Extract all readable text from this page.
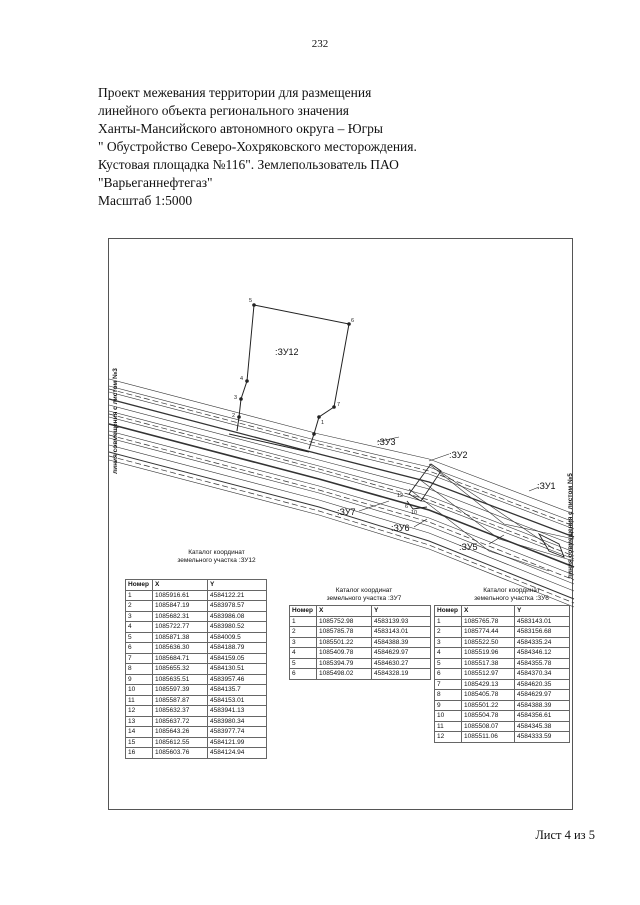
232
Проект межевания территории для размещения
линейного объекта регионального значения
Ханты-Мансийского автономного округа – Югры
" Обустройство Северо-Хохряковского месторождения.
Кустовая площадка №116". Землепользователь ПАО
"Варьеганнефтегаз"
Масштаб 1:5000
5
6
7
4
3
2
1
12
10
6
:ЗУ12
:ЗУ3
:ЗУ2
:ЗУ1
:ЗУ7
:ЗУ6
:ЗУ5
линия совмещения с листом №3
линия совмещения с листом №5
Каталог координат
земельного участка :ЗУ12
Номер	X	Y
1	1085916.61	4584122.21
2	1085847.19	4583978.57
3	1085682.31	4583986.08
4	1085722.77	4583980.52
5	1085871.38	4584009.5
6	1085636.30	4584188.79
7	1085684.71	4584159.05
8	1085655.32	4584130.51
9	1085635.51	4583957.46
10	1085597.39	4584135.7
11	1085587.87	4584153.01
12	1085632.37	4583941.13
13	1085637.72	4583980.34
14	1085643.26	4583977.74
15	1085612.55	4584121.99
16	1085603.76	4584124.94
Каталог координат
земельного участка :ЗУ7
Номер	X	Y
1	1085752.98	4583139.93
2	1085785.78	4583143.01
3	1085501.22	4584388.39
4	1085409.78	4584629.97
5	1085394.79	4584630.27
6	1085498.02	4584328.19
Каталог координат
земельного участка :ЗУ6
Номер	X	Y
1	1085765.78	4583143.01
2	1085774.44	4583156.68
3	1085522.50	4584335.24
4	1085519.96	4584346.12
5	1085517.38	4584355.78
6	1085512.97	4584370.34
7	1085429.13	4584620.35
8	1085405.78	4584629.97
9	1085501.22	4584388.39
10	1085504.78	4584356.61
11	1085508.07	4584345.38
12	1085511.06	4584333.59
Лист 4 из 5
